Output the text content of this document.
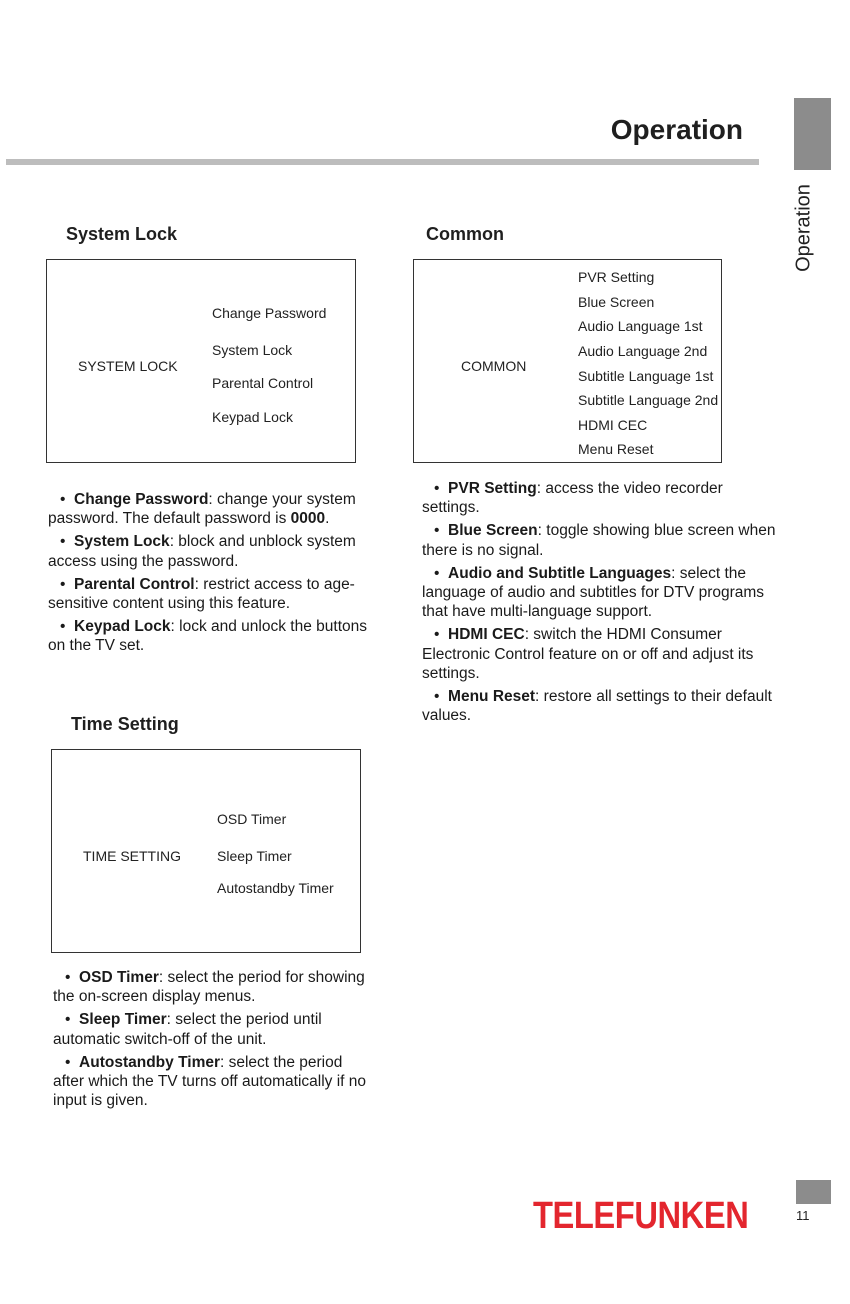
Operation
Operation
System Lock
SYSTEM LOCK
Change Password
System Lock
Parental Control
Keypad Lock

•  Change Password: change your system password. The default password is 0000.

•  System Lock: block and unblock system access using the password.

•  Parental Control: restrict access to age-sensitive content using this feature.

•  Keypad Lock: lock and unlock the buttons on the TV set.

Time Setting
TIME SETTING
OSD Timer
Sleep Timer
Autostandby Timer

•  OSD Timer: select the period for showing the on-screen display menus.

•  Sleep Timer: select the period until automatic switch-off of the unit.

•  Autostandby Timer: select the period after which the TV turns off automatically if no input is given.

Common
COMMON
PVR Setting
Blue Screen
Audio Language 1st
Audio Language 2nd
Subtitle Language 1st
Subtitle Language 2nd
HDMI CEC
Menu Reset

•  PVR Setting: access the video recorder settings.

•  Blue Screen: toggle showing blue screen when there is no signal.

•  Audio and Subtitle Languages: select the language of audio and subtitles for DTV programs that have multi-language support.

•  HDMI CEC: switch the HDMI Consumer Electronic Control feature on or off and adjust its settings.

•  Menu Reset: restore all settings to their default values.

TELEFUNKEN	11
